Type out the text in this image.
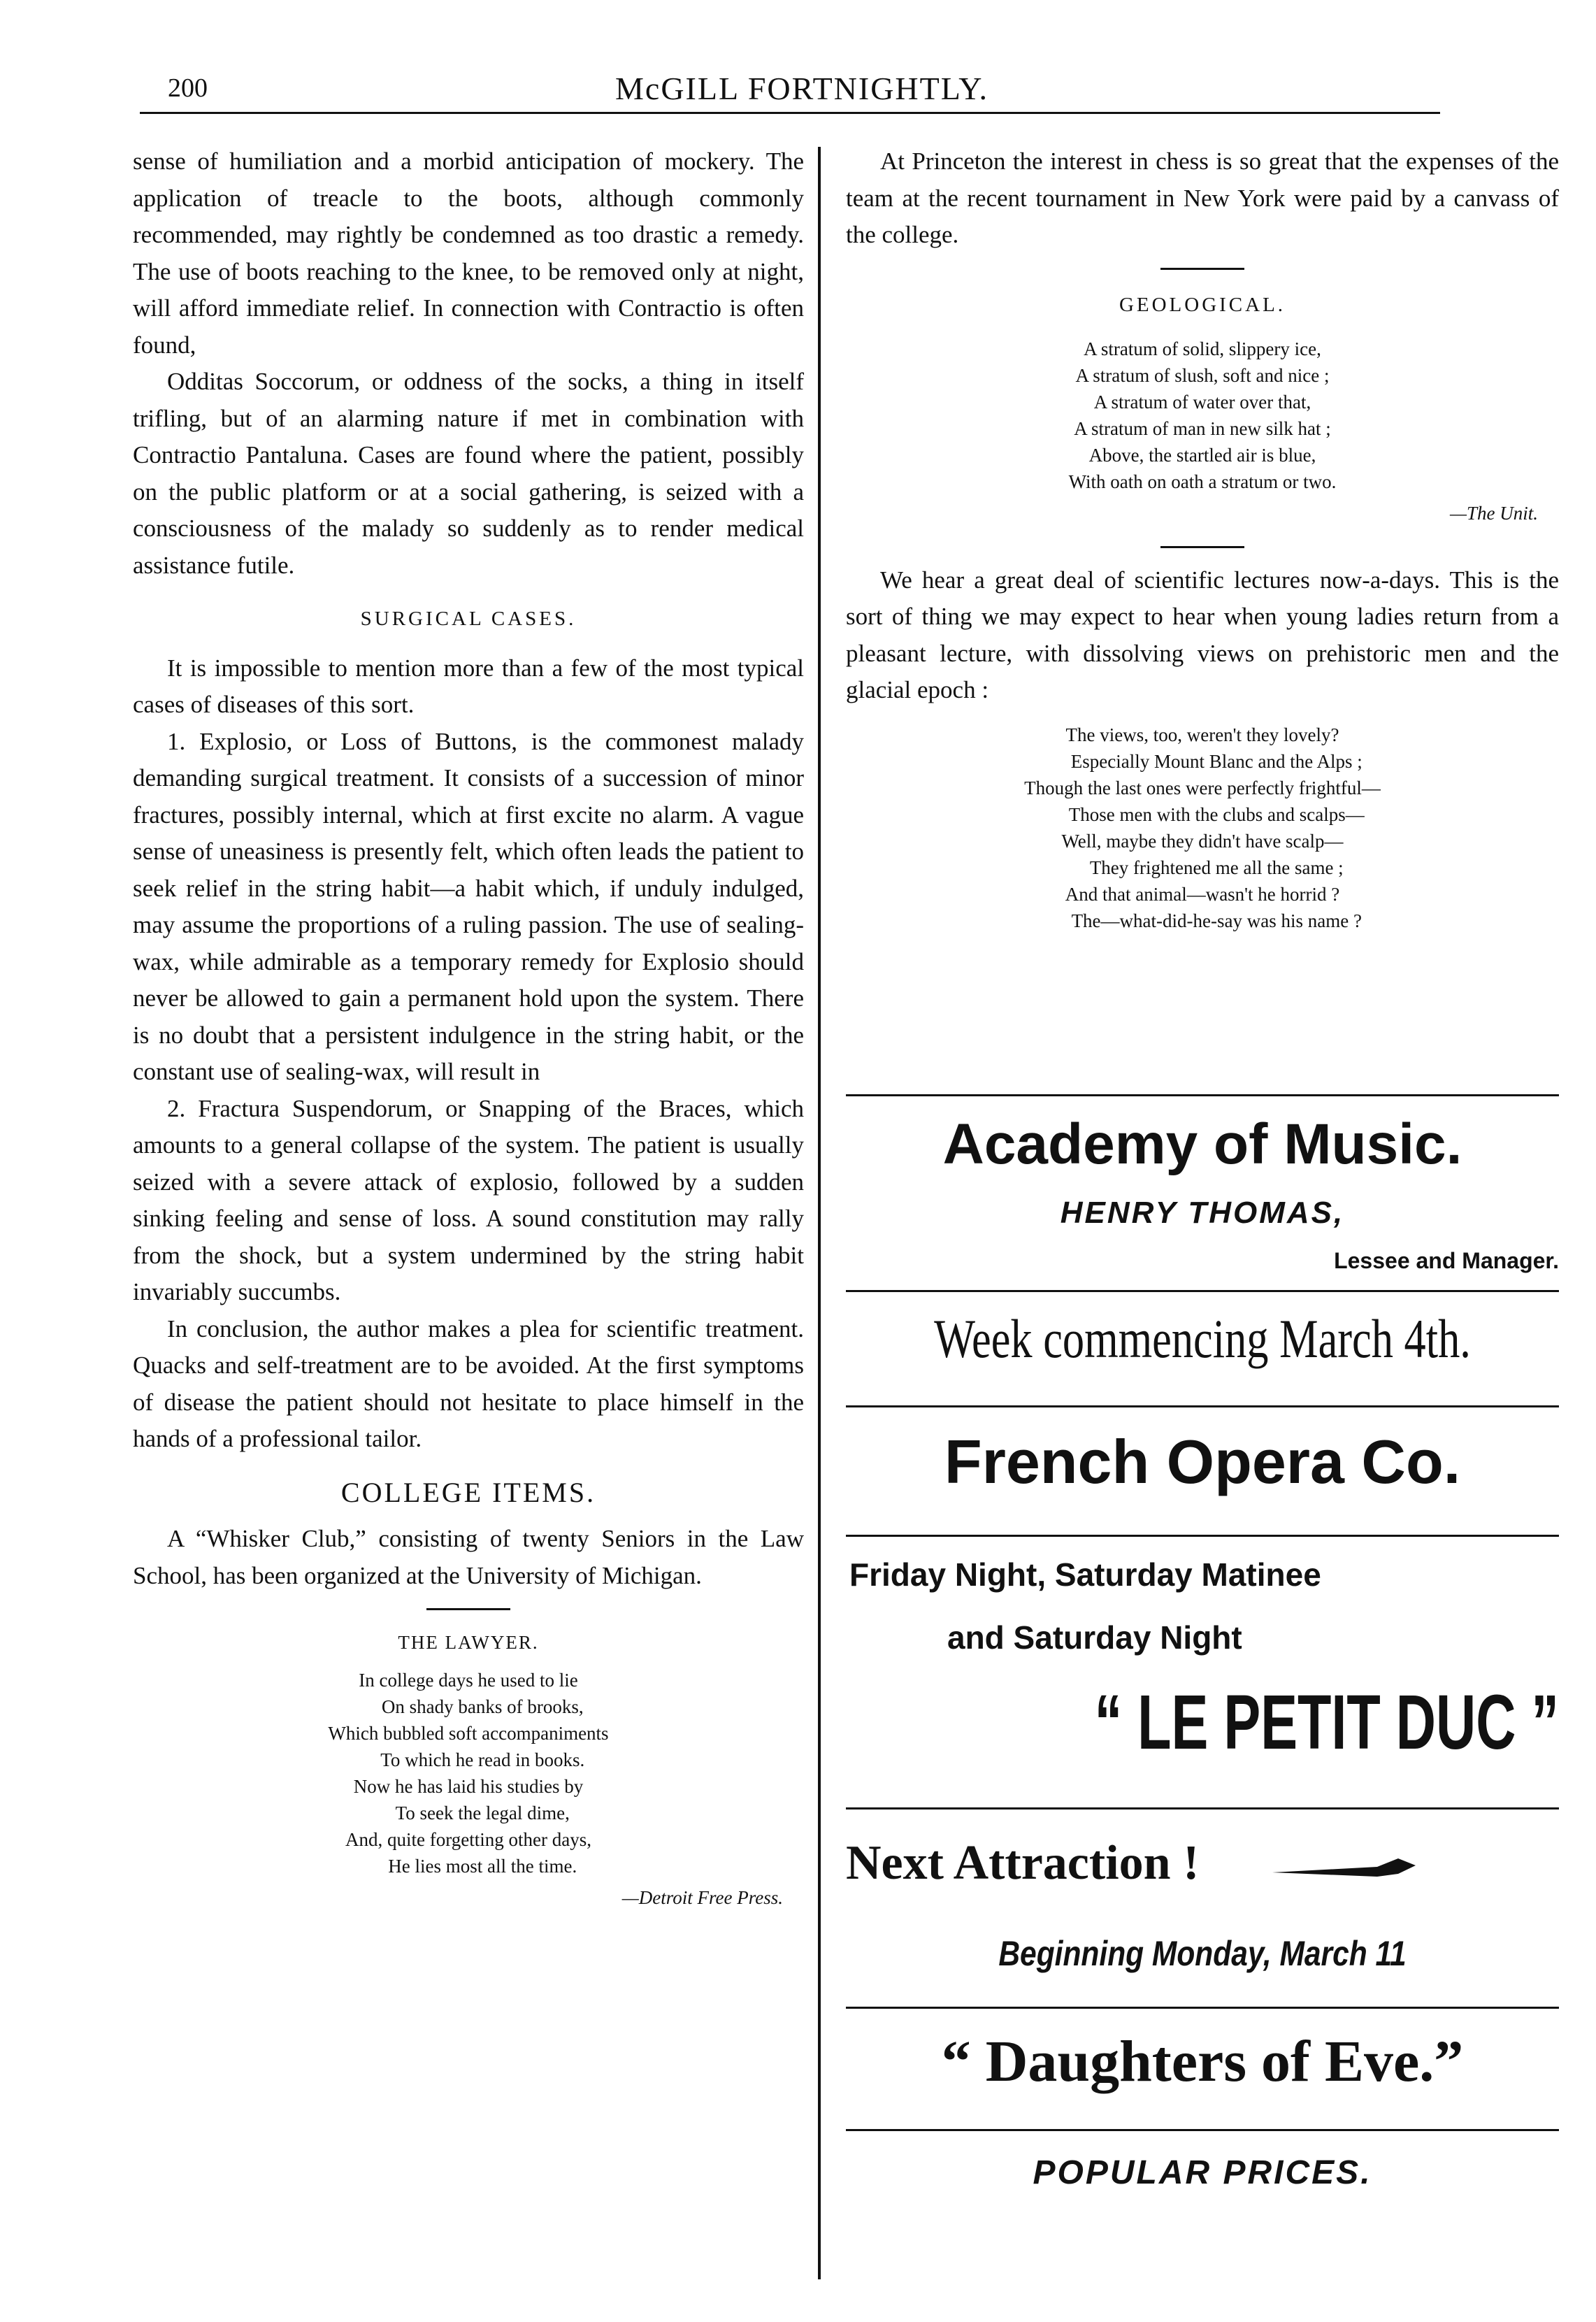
200	McGILL FORTNIGHTLY.

sense of humiliation and a morbid anticipation of mockery. The application of treacle to the boots, although commonly recommended, may rightly be condemned as too drastic a remedy. The use of boots reaching to the knee, to be removed only at night, will afford immediate relief. In connection with Contractio is often found,

Odditas Soccorum, or oddness of the socks, a thing in itself trifling, but of an alarming nature if met in combination with Contractio Pantaluna. Cases are found where the patient, possibly on the public platform or at a social gathering, is seized with a consciousness of the malady so suddenly as to render medical assistance futile.

SURGICAL CASES.

It is impossible to mention more than a few of the most typical cases of diseases of this sort.

1. Explosio, or Loss of Buttons, is the commonest malady demanding surgical treatment. It consists of a succession of minor fractures, possibly internal, which at first excite no alarm. A vague sense of uneasiness is presently felt, which often leads the patient to seek relief in the string habit—a habit which, if unduly indulged, may assume the proportions of a ruling passion. The use of sealing-wax, while admirable as a temporary remedy for Explosio should never be allowed to gain a permanent hold upon the system. There is no doubt that a persistent indulgence in the string habit, or the constant use of sealing-wax, will result in

2. Fractura Suspendorum, or Snapping of the Braces, which amounts to a general collapse of the system. The patient is usually seized with a severe attack of explosio, followed by a sudden sinking feeling and sense of loss. A sound constitution may rally from the shock, but a system undermined by the string habit invariably succumbs.

In conclusion, the author makes a plea for scientific treatment. Quacks and self-treatment are to be avoided. At the first symptoms of disease the patient should not hesitate to place himself in the hands of a professional tailor.

COLLEGE ITEMS.

A “Whisker Club,” consisting of twenty Seniors in the Law School, has been organized at the University of Michigan.

THE LAWYER.
In college days he used to lie
On shady banks of brooks,
Which bubbled soft accompaniments
To which he read in books.
Now he has laid his studies by
To seek the legal dime,
And, quite forgetting other days,
He lies most all the time.
—Detroit Free Press.

At Princeton the interest in chess is so great that the expenses of the team at the recent tournament in New York were paid by a canvass of the college.

GEOLOGICAL.
A stratum of solid, slippery ice,
A stratum of slush, soft and nice ;
A stratum of water over that,
A stratum of man in new silk hat ;
Above, the startled air is blue,
With oath on oath a stratum or two.
—The Unit.

We hear a great deal of scientific lectures now-a-days. This is the sort of thing we may expect to hear when young ladies return from a pleasant lecture, with dissolving views on prehistoric men and the glacial epoch :

The views, too, weren't they lovely?
Especially Mount Blanc and the Alps ;
Though the last ones were perfectly frightful—
Those men with the clubs and scalps—
Well, maybe they didn't have scalp—
They frightened me all the same ;
And that animal—wasn't he horrid ?
The—what-did-he-say was his name ?
Academy of Music.
HENRY THOMAS,
Lessee and Manager.
Week commencing March 4th.
French Opera Co.
Friday Night, Saturday Matinee
and Saturday Night
“ LE PETIT DUC ”
Next Attraction !
Beginning Monday, March 11
“ Daughters of Eve.”
POPULAR PRICES.
